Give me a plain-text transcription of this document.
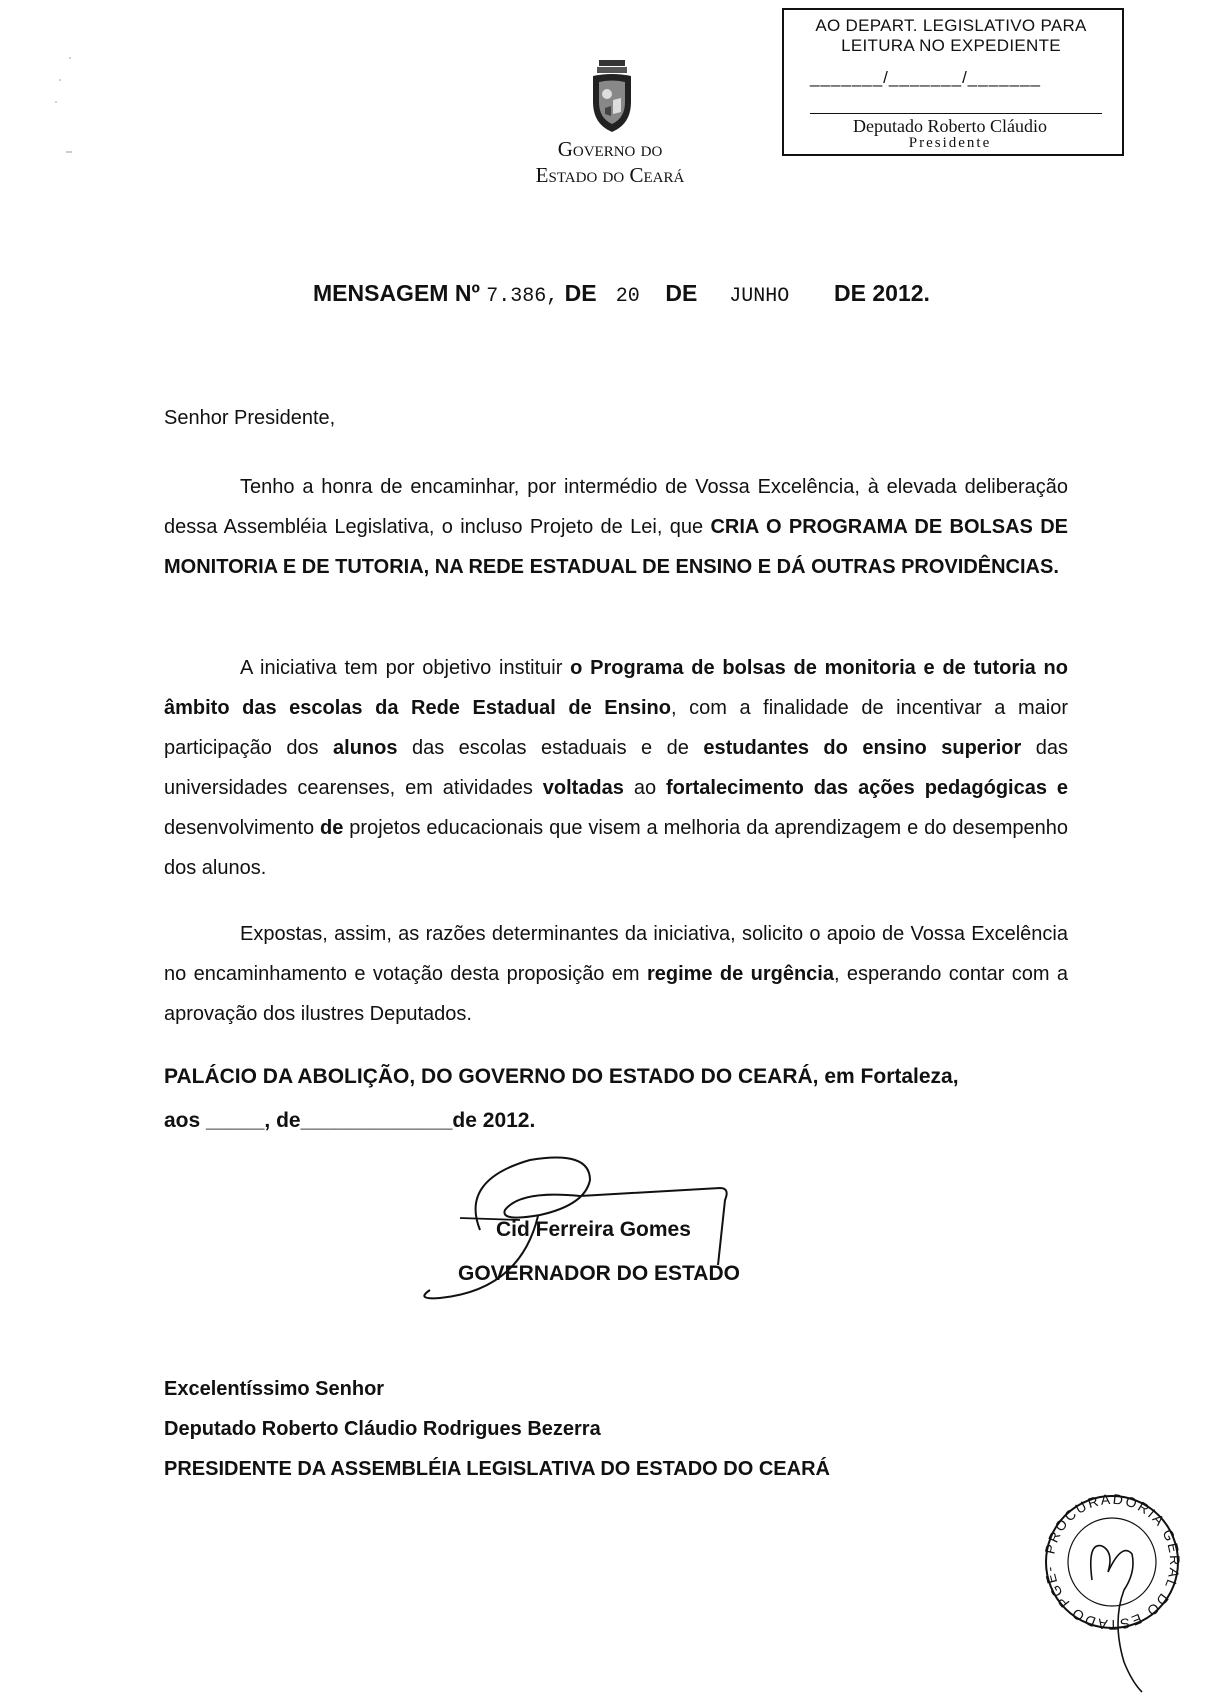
Governo do
Estado do Ceará
AO DEPART. LEGISLATIVO PARA
LEITURA NO EXPEDIENTE
_______/_______/_______
Deputado Roberto Cláudio
Presidente
MENSAGEM Nº 7.386, DE 20 DE JUNHO DE 2012.
Senhor Presidente,
Tenho a honra de encaminhar, por intermédio de Vossa Excelência, à elevada deliberação dessa Assembléia Legislativa, o incluso Projeto de Lei, que CRIA O PROGRAMA DE BOLSAS DE MONITORIA E DE TUTORIA, NA REDE ESTADUAL DE ENSINO E DÁ OUTRAS PROVIDÊNCIAS.
A iniciativa tem por objetivo instituir o Programa de bolsas de monitoria e de tutoria no âmbito das escolas da Rede Estadual de Ensino, com a finalidade de incentivar a maior participação dos alunos das escolas estaduais e de estudantes do ensino superior das universidades cearenses, em atividades voltadas ao fortalecimento das ações pedagógicas e desenvolvimento de projetos educacionais que visem a melhoria da aprendizagem e do desempenho dos alunos.
Expostas, assim, as razões determinantes da iniciativa, solicito o apoio de Vossa Excelência no encaminhamento e votação desta proposição em regime de urgência, esperando contar com a aprovação dos ilustres Deputados.
PALÁCIO DA ABOLIÇÃO, DO GOVERNO DO ESTADO DO CEARÁ, em Fortaleza,
aos _____, de_____________de 2012.
Cid Ferreira Gomes
GOVERNADOR DO ESTADO
Excelentíssimo Senhor
Deputado Roberto Cláudio Rodrigues Bezerra
PRESIDENTE DA ASSEMBLÉIA LEGISLATIVA DO ESTADO DO CEARÁ
PROCURADORIA GERAL DO ESTADO PGE-
